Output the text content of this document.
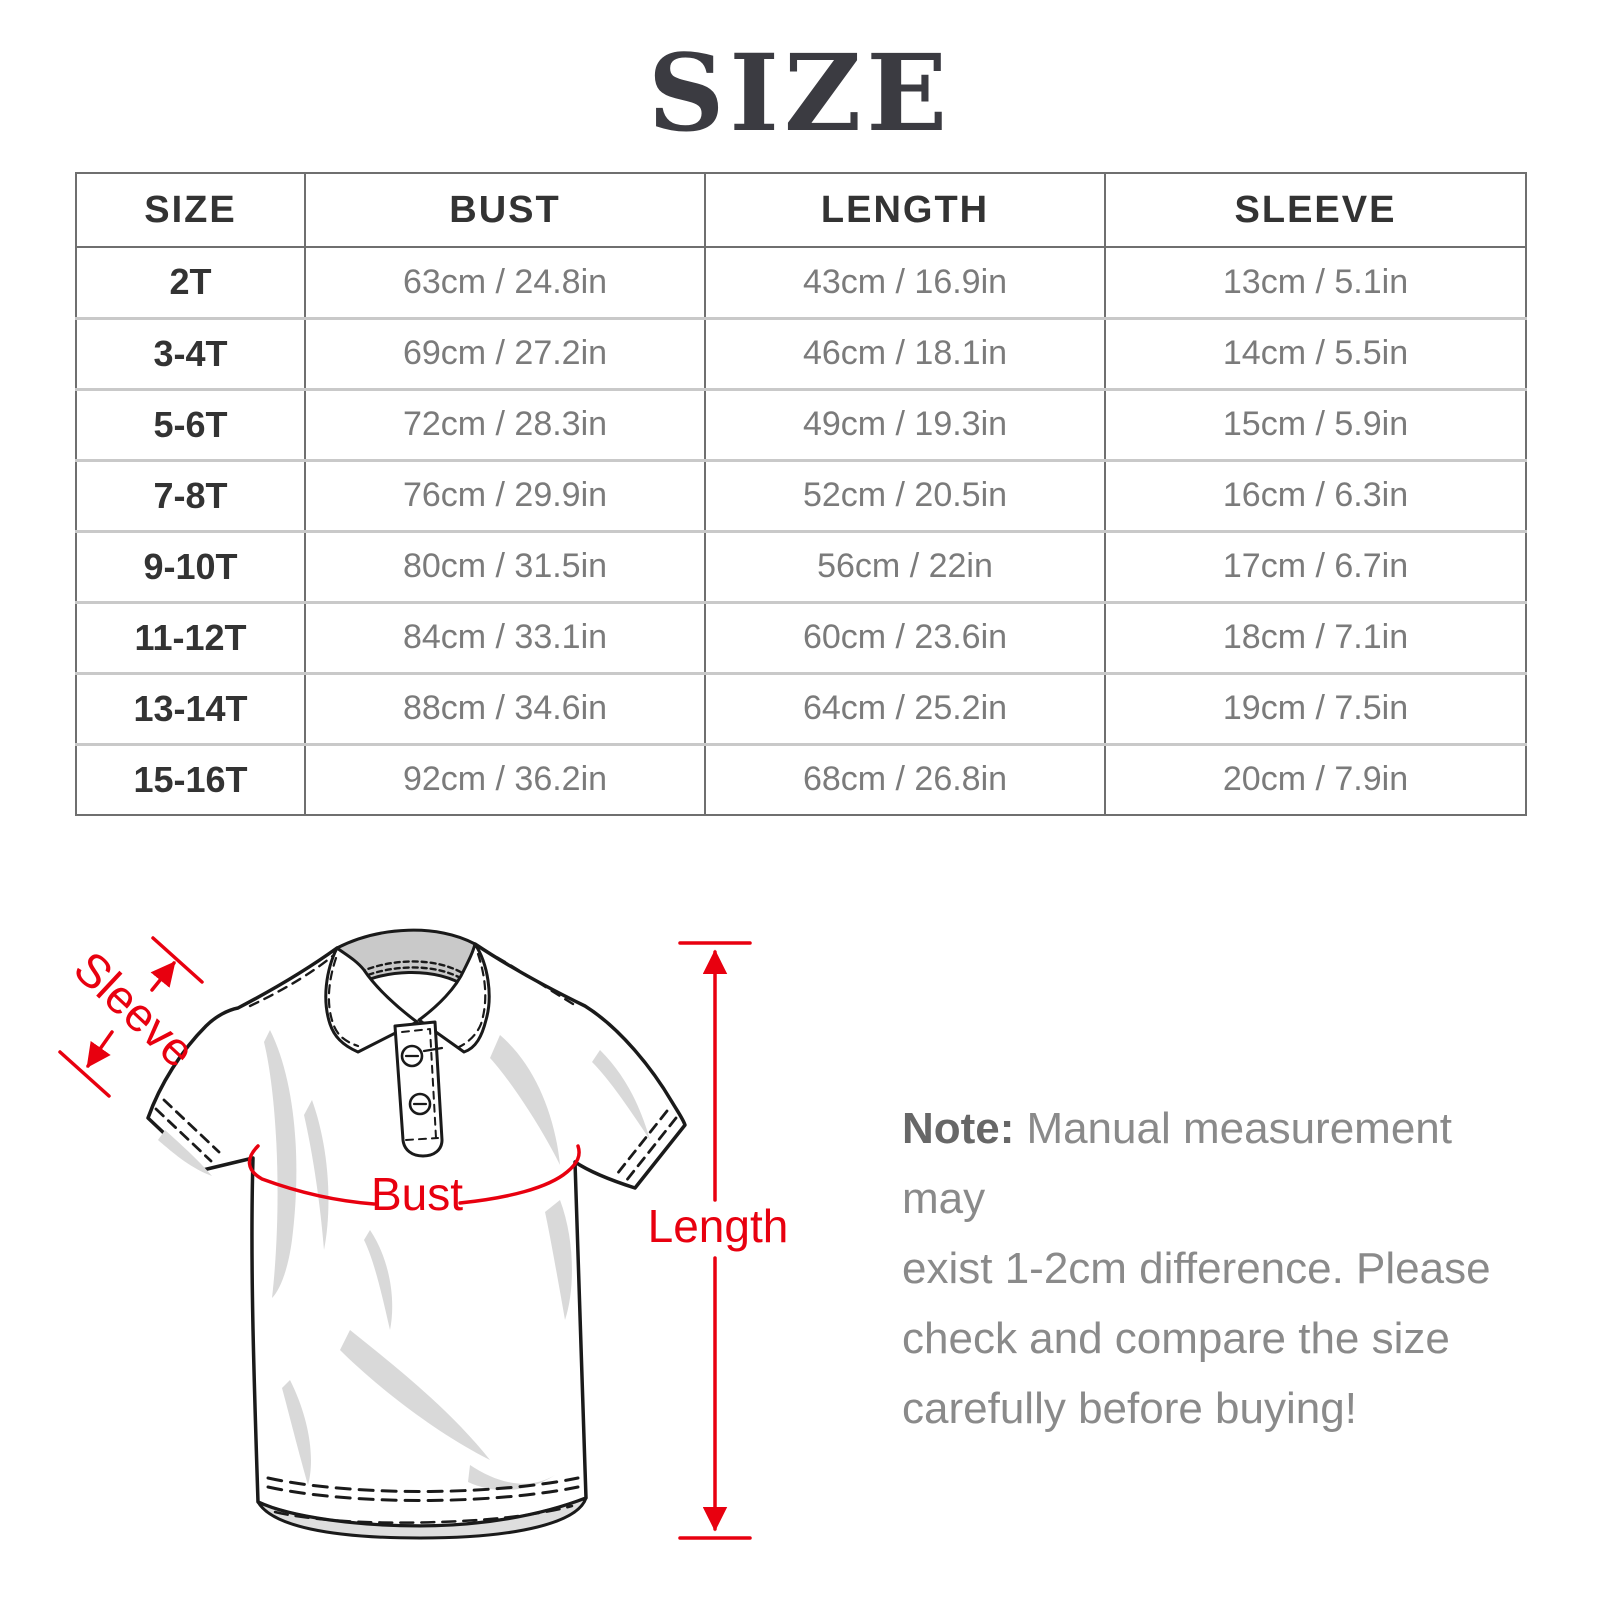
SIZE
SIZE	BUST	LENGTH	SLEEVE
2T	63cm / 24.8in	43cm / 16.9in	13cm / 5.1in
3-4T	69cm / 27.2in	46cm / 18.1in	14cm / 5.5in
5-6T	72cm / 28.3in	49cm / 19.3in	15cm / 5.9in
7-8T	76cm / 29.9in	52cm / 20.5in	16cm / 6.3in
9-10T	80cm / 31.5in	56cm / 22in	17cm / 6.7in
11-12T	84cm / 33.1in	60cm / 23.6in	18cm / 7.1in
13-14T	88cm / 34.6in	64cm / 25.2in	19cm / 7.5in
15-16T	92cm / 36.2in	68cm / 26.8in	20cm / 7.9in
Sleeve
Bust
Length
Note: Manual measurement may
exist 1-2cm difference. Please
check and compare the size
carefully before buying!
